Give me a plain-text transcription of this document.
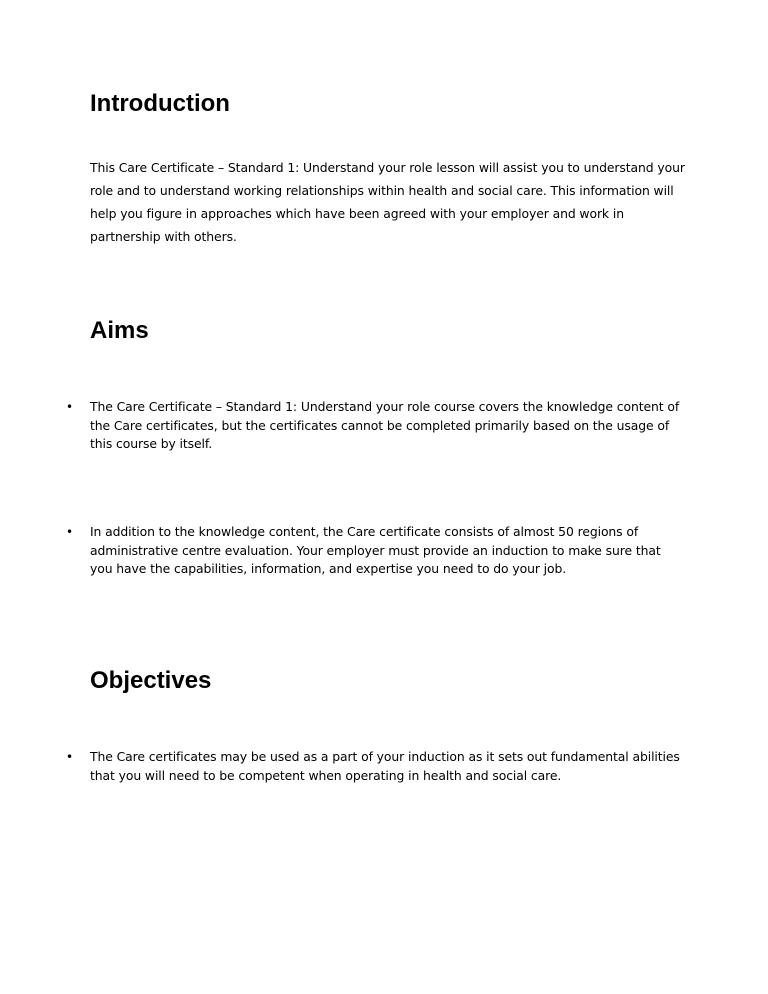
Introduction

This Care Certificate – Standard 1: Understand your role lesson will assist you to understand your role and to understand working relationships within health and social care. This information will help you figure in approaches which have been agreed with your employer and work in partnership with others.

Aims
•	The Care Certificate – Standard 1: Understand your role course covers the knowledge content of the Care certificates, but the certificates cannot be completed primarily based on the usage of this course by itself.
•	In addition to the knowledge content, the Care certificate consists of almost 50 regions of administrative centre evaluation. Your employer must provide an induction to make sure that you have the capabilities, information, and expertise you need to do your job.
Objectives
•	The Care certificates may be used as a part of your induction as it sets out fundamental abilities that you will need to be competent when operating in health and social care.
